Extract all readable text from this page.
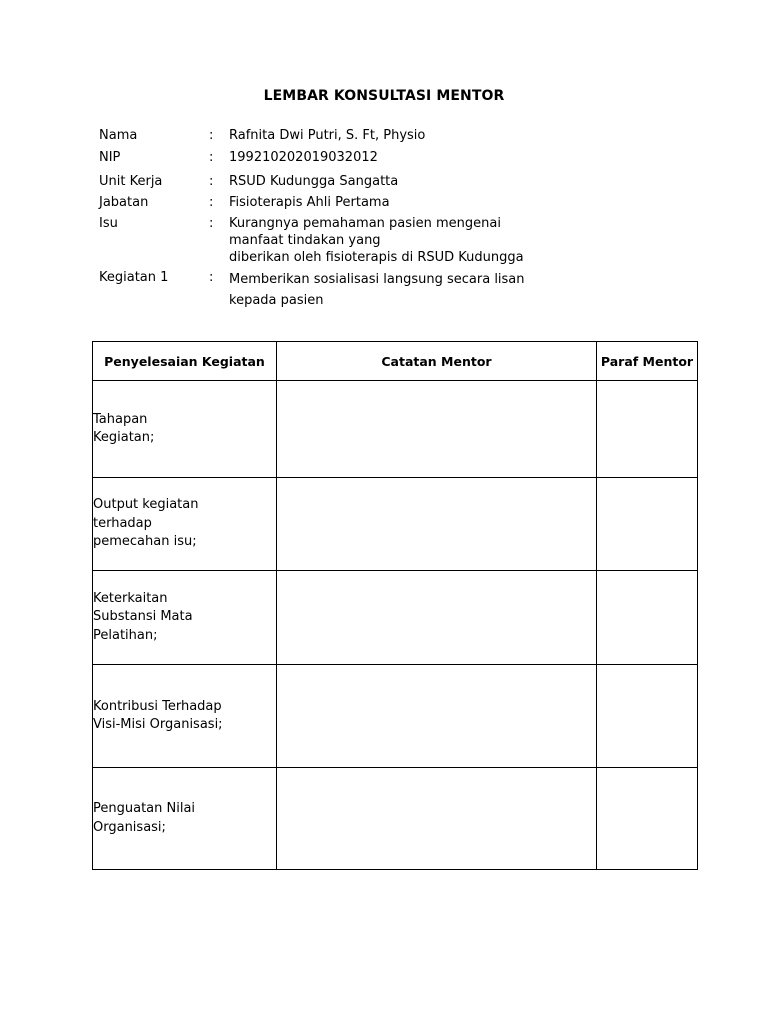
LEMBAR KONSULTASI MENTOR
Nama	: Rafnita Dwi Putri, S. Ft, Physio
NIP	: 199210202019032012
Unit Kerja	: RSUD Kudungga Sangatta
Jabatan	: Fisioterapis Ahli Pertama
Isu	: Kurangnya pemahaman pasien mengenai
manfaat tindakan yang
diberikan oleh fisioterapis di RSUD Kudungga
Kegiatan 1	: Memberikan sosialisasi langsung secara lisan
kepada pasien
Penyelesaian Kegiatan	Catatan Mentor	Paraf Mentor

Tahapan
Kegiatan;		

Output kegiatan
terhadap
pemecahan isu;		

Keterkaitan
Substansi Mata
Pelatihan;		

Kontribusi Terhadap
Visi-Misi Organisasi;		

Penguatan Nilai
Organisasi;		
